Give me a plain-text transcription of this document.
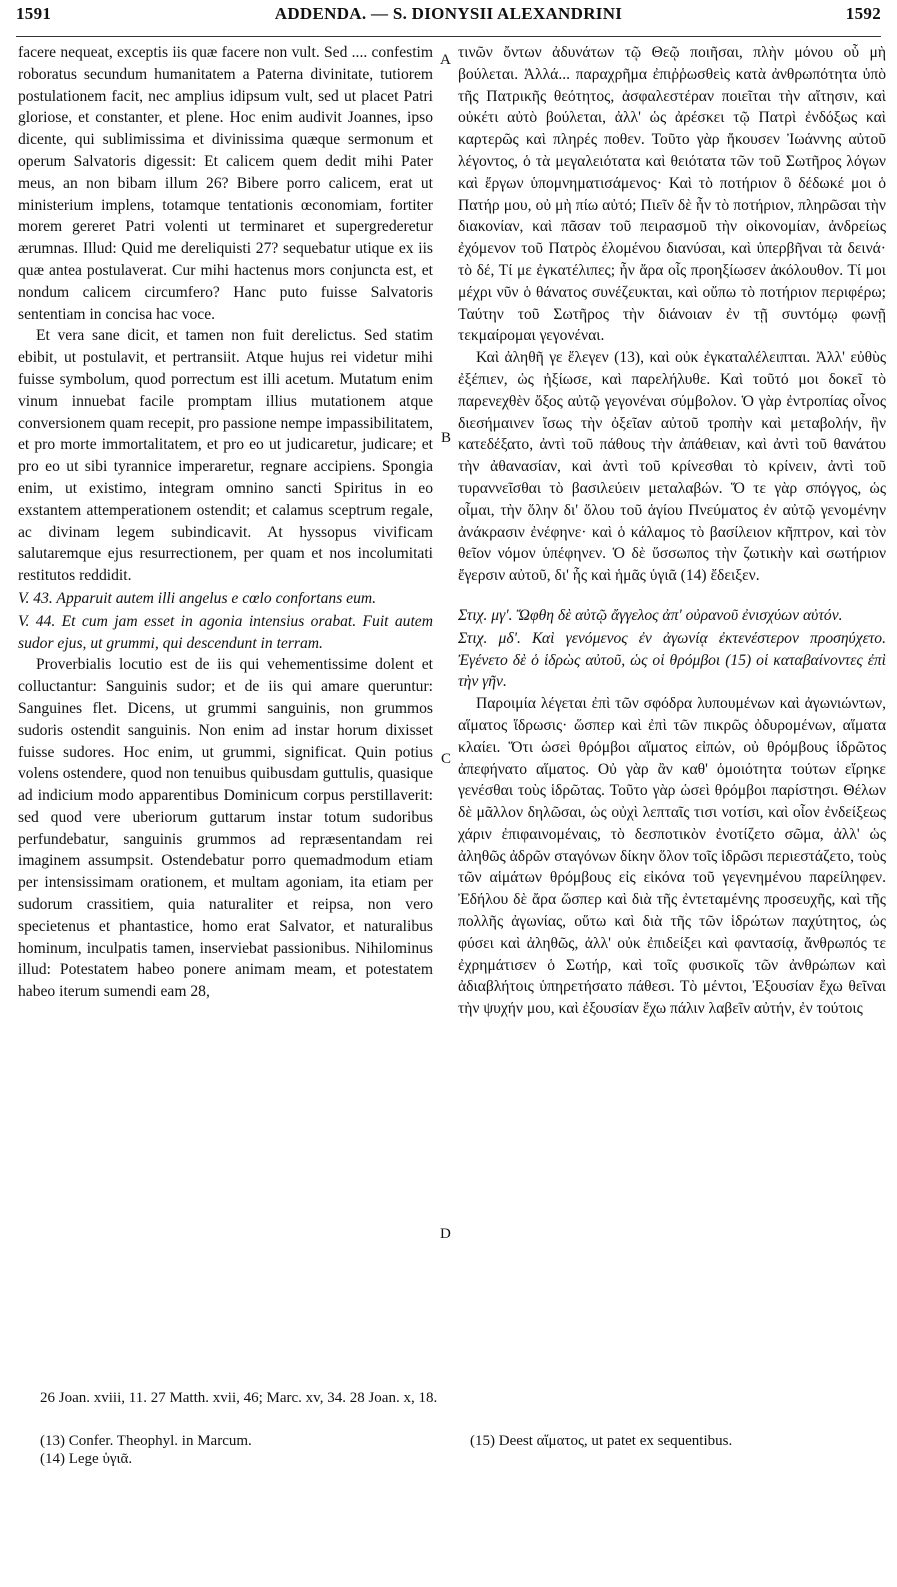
1591	ADDENDA. — S. DIONYSII ALEXANDRINI	1592

facere nequeat, exceptis iis quæ facere non vult. Sed .... confestim roboratus secundum humanitatem a Paterna divinitate, tutiorem postulationem facit, nec amplius idipsum vult, sed ut placet Patri gloriose, et constanter, et plene. Hoc enim audivit Joannes, ipso dicente, qui sublimissima et divinissima quæque sermonum et operum Salvatoris digessit: Et calicem quem dedit mihi Pater meus, an non bibam illum 26? Bibere porro calicem, erat ut ministerium implens, totamque tentationis œconomiam, fortiter morem gereret Patri volenti ut terminaret et supergrederetur ærumnas. Illud: Quid me dereliquisti 27? sequebatur utique ex iis quæ antea postulaverat. Cur mihi hactenus mors conjuncta est, et nondum calicem circumfero? Hanc puto fuisse Salvatoris sententiam in concisa hac voce.

Et vera sane dicit, et tamen non fuit derelictus. Sed statim ebibit, ut postulavit, et pertransiit. Atque hujus rei videtur mihi fuisse symbolum, quod porrectum est illi acetum. Mutatum enim vinum innuebat facile promptam illius mutationem atque conversionem quam recepit, pro passione nempe impassibilitatem, et pro morte immortalitatem, et pro eo ut judicaretur, judicare; et pro eo ut sibi tyrannice imperaretur, regnare accipiens. Spongia enim, ut existimo, integram omnino sancti Spiritus in eo exstantem attemperationem ostendit; et calamus sceptrum regale, ac divinam legem subindicavit. At hyssopus vivificam salutaremque ejus resurrectionem, per quam et nos incolumitati restitutos reddidit.

V. 43. Apparuit autem illi angelus e cœlo confortans eum.

V. 44. Et cum jam esset in agonia intensius orabat. Fuit autem sudor ejus, ut grummi, qui descendunt in terram.

Proverbialis locutio est de iis qui vehementissime dolent et colluctantur: Sanguinis sudor; et de iis qui amare queruntur: Sanguines flet. Dicens, ut grummi sanguinis, non grummos sudoris ostendit sanguinis. Non enim ad instar horum dixisset fuisse sudores. Hoc enim, ut grummi, significat. Quin potius volens ostendere, quod non tenuibus quibusdam guttulis, quasique ad indicium modo apparentibus Dominicum corpus perstillaverit: sed quod vere uberiorum guttarum instar totum sudoribus perfundebatur, sanguinis grummos ad repræsentandam rei imaginem assumpsit. Ostendebatur porro quemadmodum etiam per intensissimam orationem, et multam agoniam, ita etiam per sudorum crassitiem, quia naturaliter et reipsa, non vero specietenus et phantastice, homo erat Salvator, et naturalibus hominum, inculpatis tamen, inserviebat passionibus. Nihilominus illud: Potestatem habeo ponere animam meam, et potestatem habeo iterum sumendi eam 28,

A
B
C
D

τινῶν ὄντων ἀδυνάτων τῷ Θεῷ ποιῆσαι, πλὴν μόνου οὗ μὴ βούλεται. Ἀλλά... παραχρῆμα ἐπιῤῥωσθεὶς κατὰ ἀνθρωπότητα ὑπὸ τῆς Πατρικῆς θεότητος, ἀσφαλεστέραν ποιεῖται τὴν αἴτησιν, καὶ οὐκέτι αὐτὸ βούλεται, ἀλλ' ὡς ἀρέσκει τῷ Πατρὶ ἐνδόξως καὶ καρτερῶς καὶ πληρές ποθεν. Τοῦτο γὰρ ἤκουσεν Ἰωάννης αὐτοῦ λέγοντος, ὁ τὰ μεγαλειότατα καὶ θειότατα τῶν τοῦ Σωτῆρος λόγων καὶ ἔργων ὑπομνηματισάμενος· Καὶ τὸ ποτήριον ὃ δέδωκέ μοι ὁ Πατήρ μου, οὐ μὴ πίω αὐτό; Πιεῖν δὲ ἦν τὸ ποτήριον, πληρῶσαι τὴν διακονίαν, καὶ πᾶσαν τοῦ πειρασμοῦ τὴν οἰκονομίαν, ἀνδρείως ἐχόμενον τοῦ Πατρὸς ἐλομένου διανύσαι, καὶ ὑπερβῆναι τὰ δεινά· τὸ δέ, Τί με ἐγκατέλιπες; ἦν ἄρα οἷς προηξίωσεν ἀκόλουθον. Τί μοι μέχρι νῦν ὁ θάνατος συνέζευκται, καὶ οὔπω τὸ ποτήριον περιφέρω; Ταύτην τοῦ Σωτῆρος τὴν διάνοιαν ἐν τῇ συντόμῳ φωνῇ τεκμαίρομαι γεγονέναι.

Καὶ ἀληθῆ γε ἔλεγεν (13), καὶ οὐκ ἐγκαταλέλειπται. Ἀλλ' εὐθὺς ἐξέπιεν, ὡς ἠξίωσε, καὶ παρελήλυθε. Καὶ τοῦτό μοι δοκεῖ τὸ παρενεχθὲν ὄξος αὐτῷ γεγονέναι σύμβολον. Ὁ γὰρ ἐντροπίας οἶνος διεσήμαινεν ἴσως τὴν ὀξεῖαν αὐτοῦ τροπὴν καὶ μεταβολήν, ἣν κατεδέξατο, ἀντὶ τοῦ πάθους τὴν ἀπάθειαν, καὶ ἀντὶ τοῦ θανάτου τὴν ἀθανασίαν, καὶ ἀντὶ τοῦ κρίνεσθαι τὸ κρίνειν, ἀντὶ τοῦ τυραννεῖσθαι τὸ βασιλεύειν μεταλαβών. Ὅ τε γὰρ σπόγγος, ὡς οἶμαι, τὴν ὅλην δι' ὅλου τοῦ ἁγίου Πνεύματος ἐν αὐτῷ γενομένην ἀνάκρασιν ἐνέφηνε· καὶ ὁ κάλαμος τὸ βασίλειον κῆπτρον, καὶ τὸν θεῖον νόμον ὑπέφηνεν. Ὁ δὲ ὕσσωπος τὴν ζωτικὴν καὶ σωτήριον ἔγερσιν αὐτοῦ, δι' ἧς καὶ ἡμᾶς ὑγιᾶ (14) ἔδειξεν.

Στιχ. μγ'. Ὤφθη δὲ αὐτῷ ἄγγελος ἀπ' οὐρανοῦ ἐνισχύων αὐτόν.

Στιχ. μδ'. Καὶ γενόμενος ἐν ἀγωνίᾳ ἐκτενέστερον προσηύχετο. Ἐγένετο δὲ ὁ ἱδρὼς αὐτοῦ, ὡς οἱ θρόμβοι (15) οἱ καταβαίνοντες ἐπὶ τὴν γῆν.

Παροιμία λέγεται ἐπὶ τῶν σφόδρα λυπουμένων καὶ ἀγωνιώντων, αἵματος ἵδρωσις· ὥσπερ καὶ ἐπὶ τῶν πικρῶς ὀδυρομένων, αἵματα κλαίει. Ὅτι ὡσεὶ θρόμβοι αἵματος εἰπών, οὐ θρόμβους ἱδρῶτος ἀπεφήνατο αἵματος. Οὐ γὰρ ἂν καθ' ὁμοιότητα τούτων εἴρηκε γενέσθαι τοὺς ἱδρῶτας. Τοῦτο γὰρ ὡσεὶ θρόμβοι παρίστησι. Θέλων δὲ μᾶλλον δηλῶσαι, ὡς οὐχὶ λεπταῖς τισι νοτίσι, καὶ οἷον ἐνδείξεως χάριν ἐπιφαινομέναις, τὸ δεσποτικὸν ἐνοτίζετο σῶμα, ἀλλ' ὡς ἀληθῶς ἀδρῶν σταγόνων δίκην ὅλον τοῖς ἱδρῶσι περιεστάζετο, τοὺς τῶν αἱμάτων θρόμβους εἰς εἰκόνα τοῦ γεγενημένου παρείληφεν. Ἐδήλου δὲ ἄρα ὥσπερ καὶ διὰ τῆς ἐντεταμένης προσευχῆς, καὶ τῆς πολλῆς ἀγωνίας, οὕτω καὶ διὰ τῆς τῶν ἱδρώτων παχύτητος, ὡς φύσει καὶ ἀληθῶς, ἀλλ' οὐκ ἐπιδείξει καὶ φαντασίᾳ, ἄνθρωπός τε ἐχρημάτισεν ὁ Σωτήρ, καὶ τοῖς φυσικοῖς τῶν ἀνθρώπων καὶ ἀδιαβλήτοις ὑπηρετήσατο πάθεσι. Τὸ μέντοι, Ἐξουσίαν ἔχω θεῖναι τὴν ψυχήν μου, καὶ ἐξουσίαν ἔχω πάλιν λαβεῖν αὐτήν, ἐν τούτοις

26 Joan. xviii, 11. 27 Matth. xvii, 46; Marc. xv, 34. 28 Joan. x, 18.
(13) Confer. Theophyl. in Marcum.
(14) Lege ὑγιᾶ.
(15) Deest αἵματος, ut patet ex sequentibus.
